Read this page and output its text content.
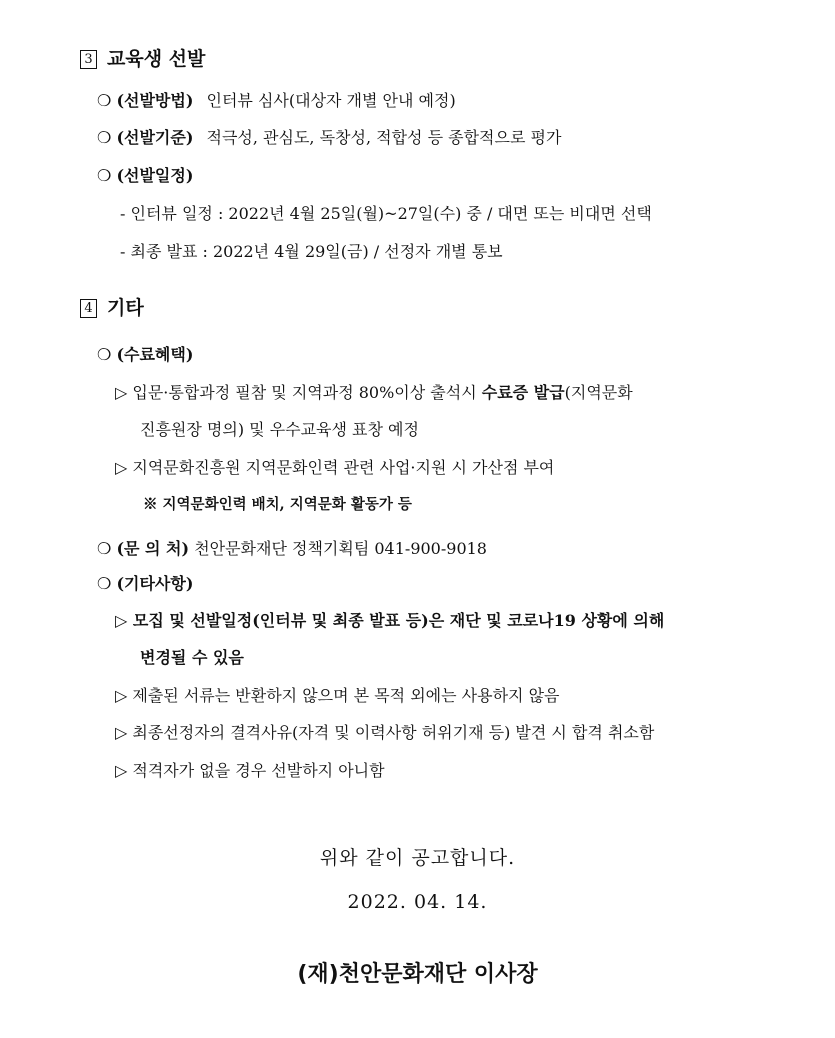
3 교육생 선발
❍ (선발방법) 인터뷰 심사(대상자 개별 안내 예정)
❍ (선발기준) 적극성, 관심도, 독창성, 적합성 등 종합적으로 평가
❍ (선발일정)
- 인터뷰 일정 : 2022년 4월 25일(월)~27일(수) 중 / 대면 또는 비대면 선택
- 최종 발표 : 2022년 4월 29일(금) / 선정자 개별 통보
4 기타
❍ (수료혜택)
▷ 입문·통합과정 필참 및 지역과정 80%이상 출석시 수료증 발급(지역문화
진흥원장 명의) 및 우수교육생 표창 예정
▷ 지역문화진흥원 지역문화인력 관련 사업·지원 시 가산점 부여
※ 지역문화인력 배치, 지역문화 활동가 등
❍ (문 의 처) 천안문화재단 정책기획팀 041-900-9018
❍ (기타사항)
▷ 모집 및 선발일정(인터뷰 및 최종 발표 등)은 재단 및 코로나19 상황에 의해
변경될 수 있음
▷ 제출된 서류는 반환하지 않으며 본 목적 외에는 사용하지 않음
▷ 최종선정자의 결격사유(자격 및 이력사항 허위기재 등) 발견 시 합격 취소함
▷ 적격자가 없을 경우 선발하지 아니함
위와 같이 공고합니다.
2022. 04. 14.
(재)천안문화재단 이사장
